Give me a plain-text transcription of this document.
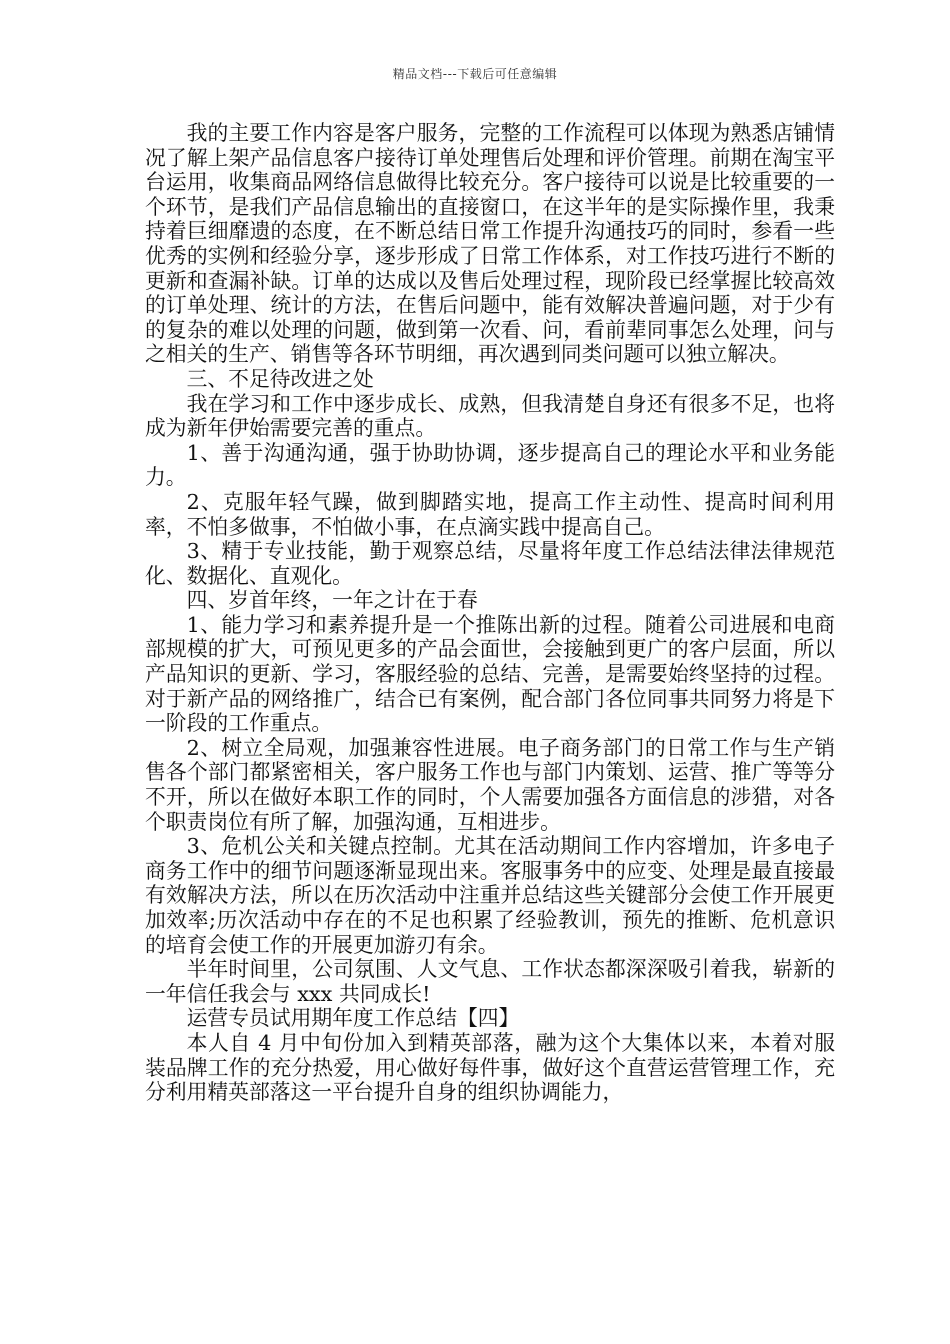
精品文档---下载后可任意编辑

我的主要工作内容是客户服务，完整的工作流程可以体现为熟悉店铺情况了解上架产品信息客户接待订单处理售后处理和评价管理。前期在淘宝平台运用，收集商品网络信息做得比较充分。客户接待可以说是比较重要的一个环节，是我们产品信息输出的直接窗口，在这半年的是实际操作里，我秉持着巨细靡遗的态度，在不断总结日常工作提升沟通技巧的同时，参看一些优秀的实例和经验分享，逐步形成了日常工作体系，对工作技巧进行不断的更新和查漏补缺。订单的达成以及售后处理过程，现阶段已经掌握比较高效的订单处理、统计的方法，在售后问题中，能有效解决普遍问题，对于少有的复杂的难以处理的问题，做到第一次看、问，看前辈同事怎么处理，问与之相关的生产、销售等各环节明细，再次遇到同类问题可以独立解决。

三、不足待改进之处

我在学习和工作中逐步成长、成熟，但我清楚自身还有很多不足，也将成为新年伊始需要完善的重点。

1、善于沟通沟通，强于协助协调，逐步提高自己的理论水平和业务能力。

2、克服年轻气躁，做到脚踏实地，提高工作主动性、提高时间利用率，不怕多做事，不怕做小事，在点滴实践中提高自己。

3、精于专业技能，勤于观察总结，尽量将年度工作总结法律法律规范化、数据化、直观化。

四、岁首年终，一年之计在于春

1、能力学习和素养提升是一个推陈出新的过程。随着公司进展和电商部规模的扩大，可预见更多的产品会面世，会接触到更广的客户层面，所以产品知识的更新、学习，客服经验的总结、完善，是需要始终坚持的过程。对于新产品的网络推广，结合已有案例，配合部门各位同事共同努力将是下一阶段的工作重点。

2、树立全局观，加强兼容性进展。电子商务部门的日常工作与生产销售各个部门都紧密相关，客户服务工作也与部门内策划、运营、推广等等分不开，所以在做好本职工作的同时，个人需要加强各方面信息的涉猎，对各个职责岗位有所了解，加强沟通，互相进步。

3、危机公关和关键点控制。尤其在活动期间工作内容增加，许多电子商务工作中的细节问题逐渐显现出来。客服事务中的应变、处理是最直接最有效解决方法，所以在历次活动中注重并总结这些关键部分会使工作开展更加效率;历次活动中存在的不足也积累了经验教训，预先的推断、危机意识的培育会使工作的开展更加游刃有余。

半年时间里，公司氛围、人文气息、工作状态都深深吸引着我，崭新的一年信任我会与 xxx 共同成长!

运营专员试用期年度工作总结【四】

本人自 4 月中旬份加入到精英部落，融为这个大集体以来，本着对服装品牌工作的充分热爱，用心做好每件事，做好这个直营运营管理工作，充分利用精英部落这一平台提升自身的组织协调能力，
